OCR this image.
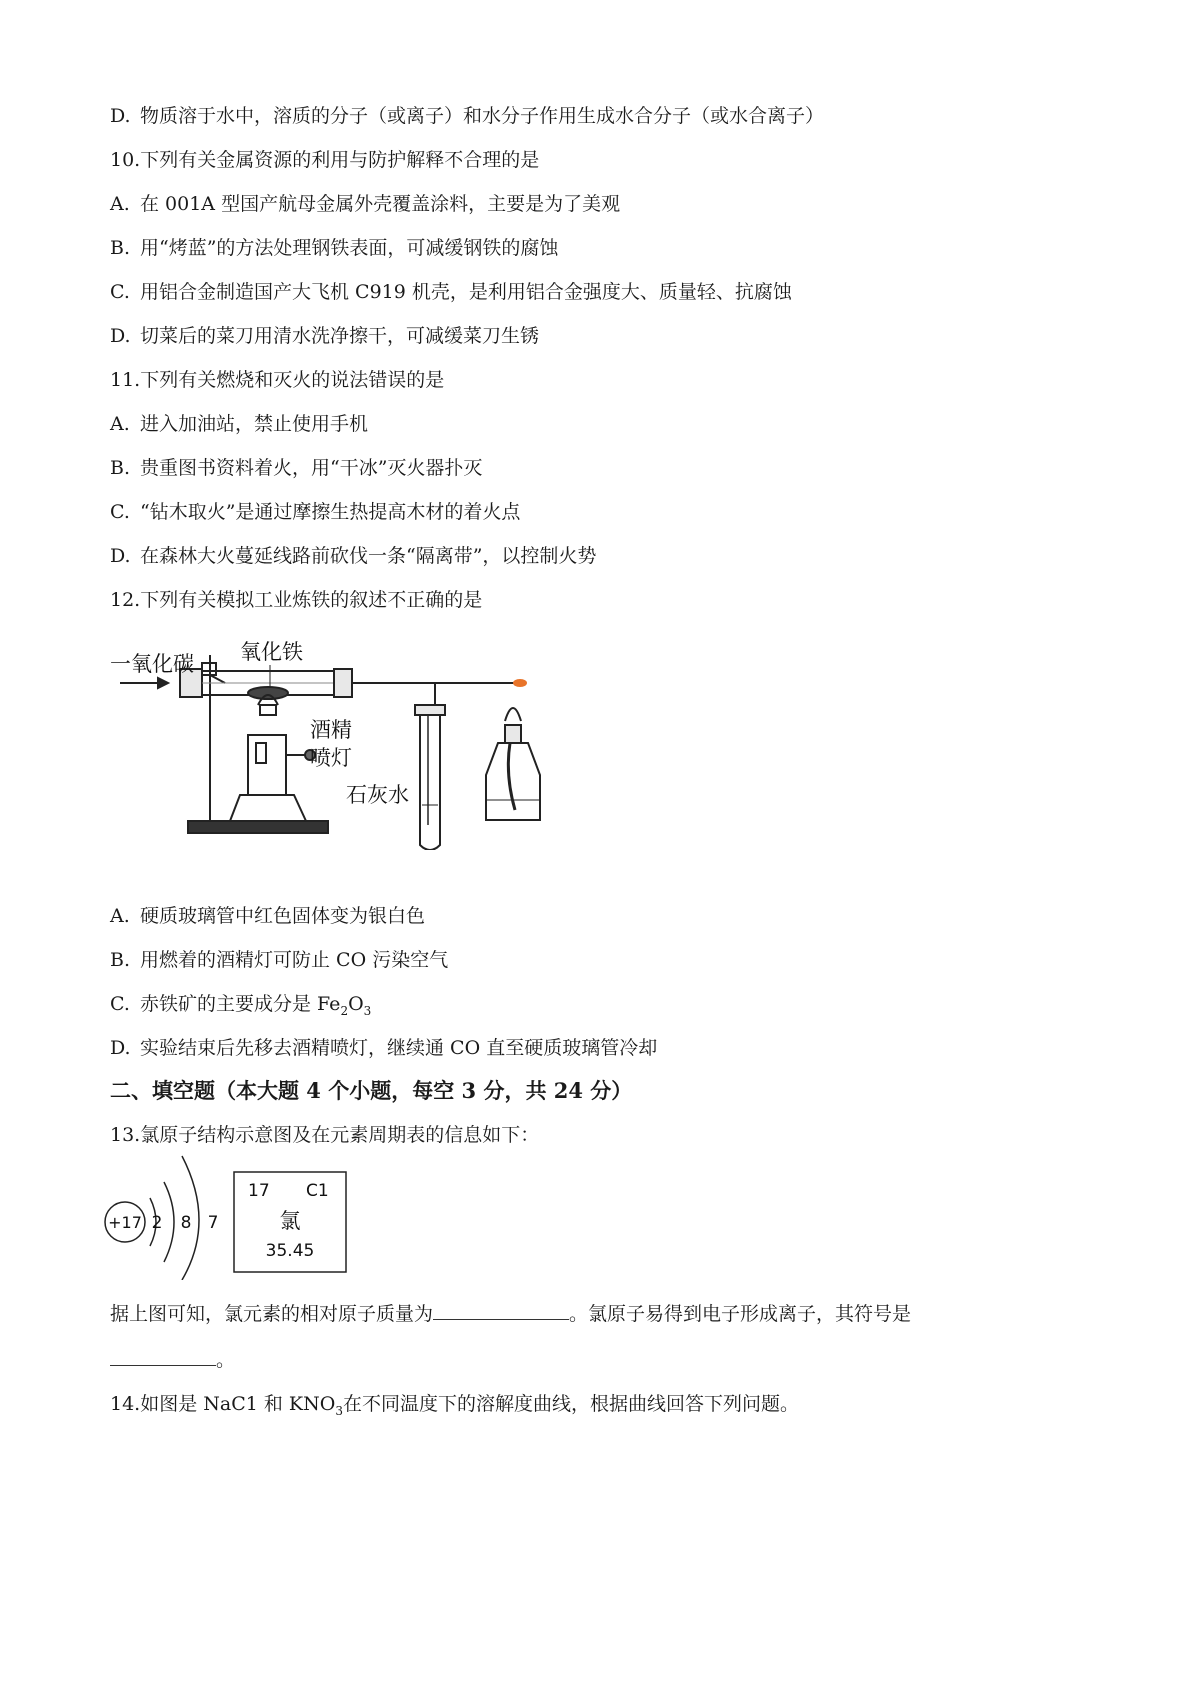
D. 物质溶于水中，溶质的分子（或离子）和水分子作用生成水合分子（或水合离子）
10.下列有关金属资源的利用与防护解释不合理的是
A. 在 001A 型国产航母金属外壳覆盖涂料，主要是为了美观
B. 用“烤蓝”的方法处理钢铁表面，可减缓钢铁的腐蚀
C. 用铝合金制造国产大飞机 C919 机壳，是利用铝合金强度大、质量轻、抗腐蚀
D. 切菜后的菜刀用清水洗净擦干，可减缓菜刀生锈
11.下列有关燃烧和灭火的说法错误的是
A. 进入加油站，禁止使用手机
B. 贵重图书资料着火，用“干冰”灭火器扑灭
C. “钻木取火”是通过摩擦生热提高木材的着火点
D. 在森林大火蔓延线路前砍伐一条“隔离带”，以控制火势
12.下列有关模拟工业炼铁的叙述不正确的是
一氧化碳 氧化铁
酒精
喷灯
石灰水
A. 硬质玻璃管中红色固体变为银白色
B. 用燃着的酒精灯可防止 CO 污染空气
C. 赤铁矿的主要成分是 $Fe_2O_3$
D. 实验结束后先移去酒精喷灯，继续通 CO 直至硬质玻璃管冷却
二、填空题（本大题 4 个小题，每空 3 分，共 24 分）
13.氯原子结构示意图及在元素周期表的信息如下：
+17 2 8 7
17 C1
氯
35.45
据上图可知，氯元素的相对原子质量为	。氯原子易得到电子形成离子，其符号是
。
14.如图是 NaC1 和 $KNO_3$在不同温度下的溶解度曲线，根据曲线回答下列问题。
